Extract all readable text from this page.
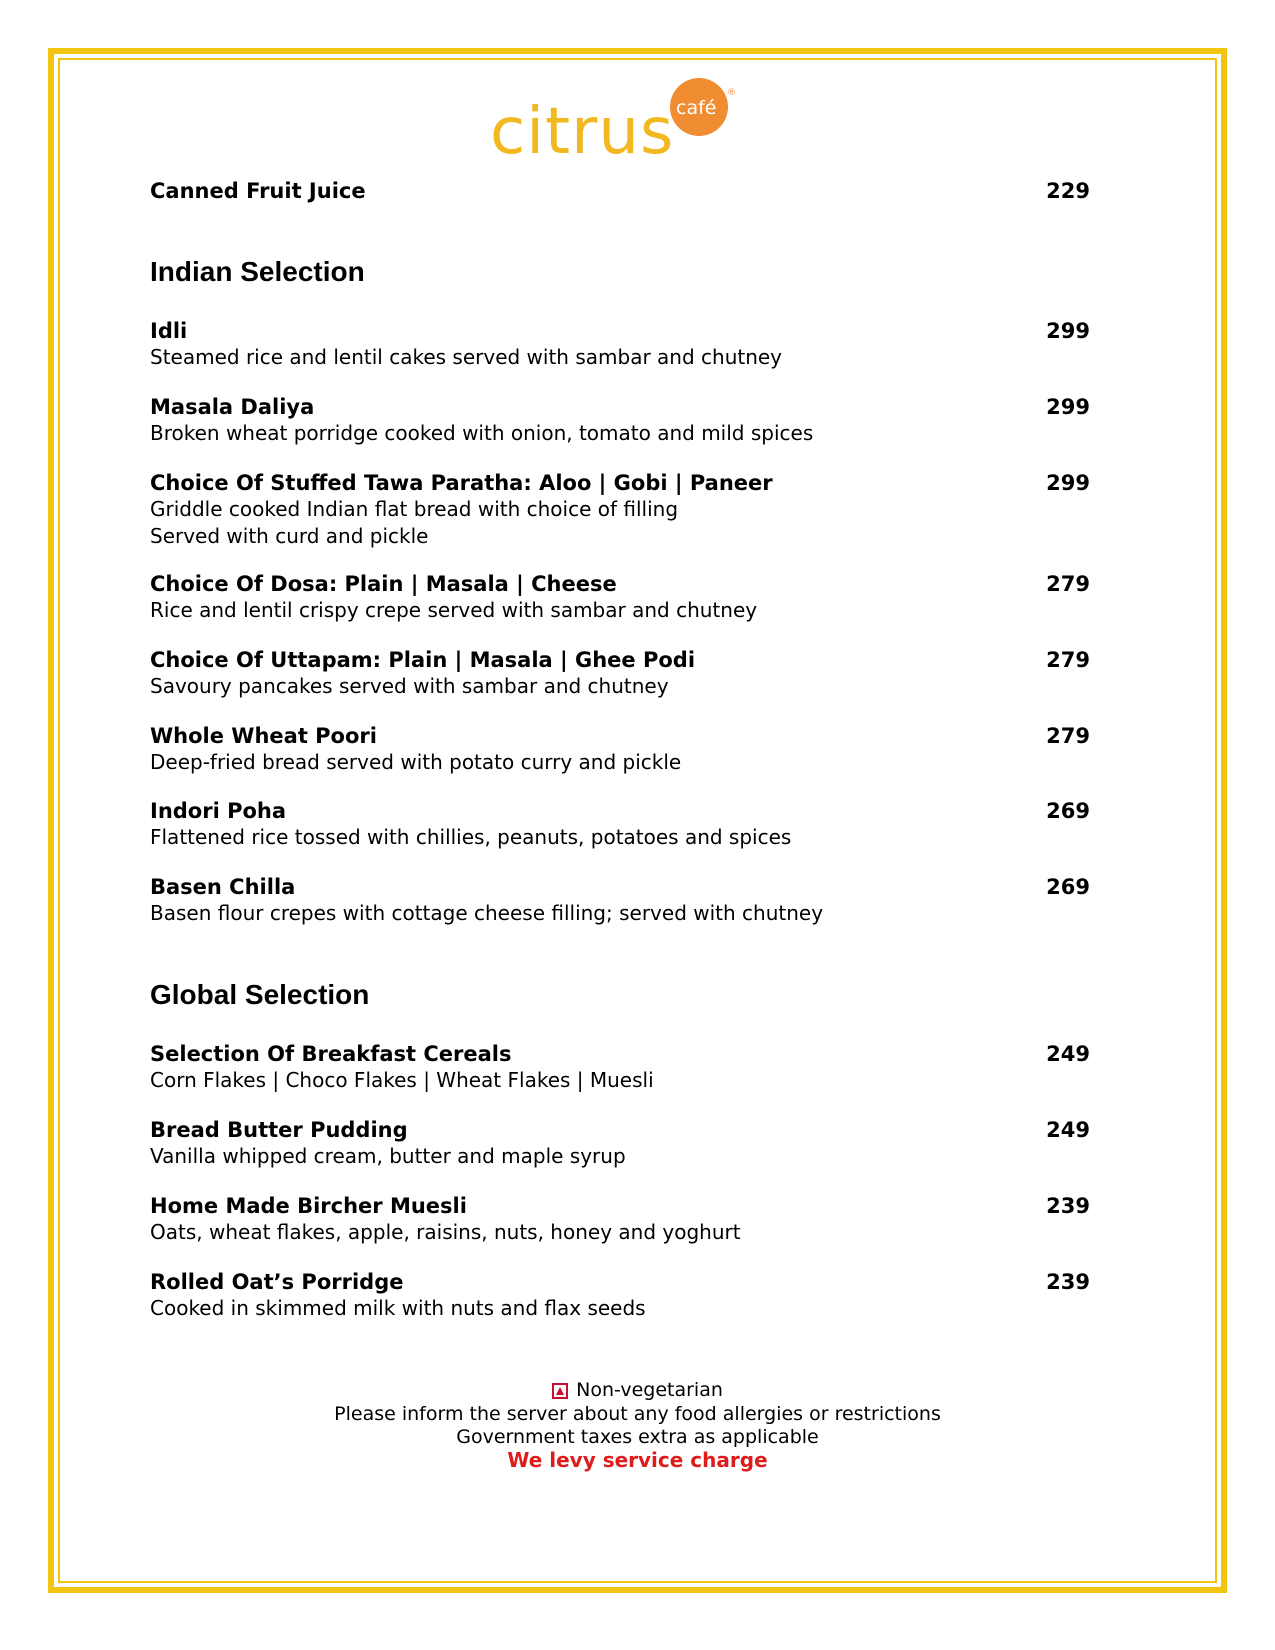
café
®
citrus
Canned Fruit Juice	229
Indian Selection
Idli	299
Steamed rice and lentil cakes served with sambar and chutney
Masala Daliya	299
Broken wheat porridge cooked with onion, tomato and mild spices
Choice Of Stuffed Tawa Paratha: Aloo | Gobi | Paneer	299
Griddle cooked Indian flat bread with choice of filling
Served with curd and pickle
Choice Of Dosa: Plain | Masala | Cheese	279
Rice and lentil crispy crepe served with sambar and chutney
Choice Of Uttapam: Plain | Masala | Ghee Podi	279
Savoury pancakes served with sambar and chutney
Whole Wheat Poori	279
Deep-fried bread served with potato curry and pickle
Indori Poha	269
Flattened rice tossed with chillies, peanuts, potatoes and spices
Basen Chilla	269
Basen flour crepes with cottage cheese filling; served with chutney
Global Selection
Selection Of Breakfast Cereals	249
Corn Flakes | Choco Flakes | Wheat Flakes | Muesli
Bread Butter Pudding	249
Vanilla whipped cream, butter and maple syrup
Home Made Bircher Muesli	239
Oats, wheat flakes, apple, raisins, nuts, honey and yoghurt
Rolled Oat’s Porridge	239
Cooked in skimmed milk with nuts and flax seeds
Non-vegetarian
Please inform the server about any food allergies or restrictions
Government taxes extra as applicable
We levy service charge
